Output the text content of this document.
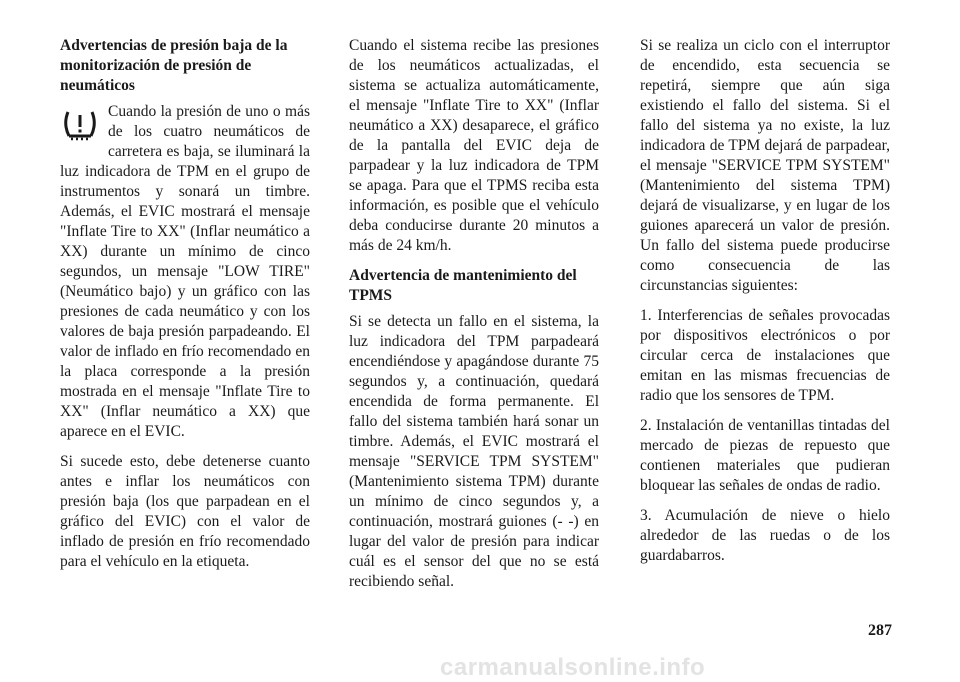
Advertencias de presión baja de la monitorización de presión de neumáticos

Cuando la presión de uno o más de los cuatro neumáticos de carretera es baja, se iluminará la luz indicadora de TPM en el grupo de instrumentos y sonará un timbre. Además, el EVIC mostrará el mensaje "Inflate Tire to XX" (Inflar neumático a XX) durante un mínimo de cinco segundos, un mensaje "LOW TIRE" (Neumático bajo) y un gráfico con las presiones de cada neumático y con los valores de baja presión parpadeando. El valor de inflado en frío recomendado en la placa corresponde a la presión mostrada en el mensaje "Inflate Tire to XX" (Inflar neumático a XX) que aparece en el EVIC.

Si sucede esto, debe detenerse cuanto antes e inflar los neumáticos con presión baja (los que parpadean en el gráfico del EVIC) con el valor de inflado de presión en frío recomendado para el vehículo en la etiqueta.

Cuando el sistema recibe las presiones de los neumáticos actualizadas, el sistema se actualiza automáticamente, el mensaje "Inflate Tire to XX" (Inflar neumático a XX) desaparece, el gráfico de la pantalla del EVIC deja de parpadear y la luz indicadora de TPM se apaga. Para que el TPMS reciba esta información, es posible que el vehículo deba conducirse durante 20 minutos a más de 24 km/h.

Advertencia de mantenimiento del TPMS

Si se detecta un fallo en el sistema, la luz indicadora del TPM parpadeará encendiéndose y apagándose durante 75 segundos y, a continuación, quedará encendida de forma permanente. El fallo del sistema también hará sonar un timbre. Además, el EVIC mostrará el mensaje "SERVICE TPM SYSTEM" (Mantenimiento sistema TPM) durante un mínimo de cinco segundos y, a continuación, mostrará guiones (- -) en lugar del valor de presión para indicar cuál es el sensor del que no se está recibiendo señal.

Si se realiza un ciclo con el interruptor de encendido, esta secuencia se repetirá, siempre que aún siga existiendo el fallo del sistema. Si el fallo del sistema ya no existe, la luz indicadora de TPM dejará de parpadear, el mensaje "SERVICE TPM SYSTEM" (Mantenimiento del sistema TPM) dejará de visualizarse, y en lugar de los guiones aparecerá un valor de presión. Un fallo del sistema puede producirse como consecuencia de las circunstancias siguientes:

1. Interferencias de señales provocadas por dispositivos electrónicos o por circular cerca de instalaciones que emitan en las mismas frecuencias de radio que los sensores de TPM.

2. Instalación de ventanillas tintadas del mercado de piezas de repuesto que contienen materiales que pudieran bloquear las señales de ondas de radio.

3. Acumulación de nieve o hielo alrededor de las ruedas o de los guardabarros.

287
carmanualsonline.info
